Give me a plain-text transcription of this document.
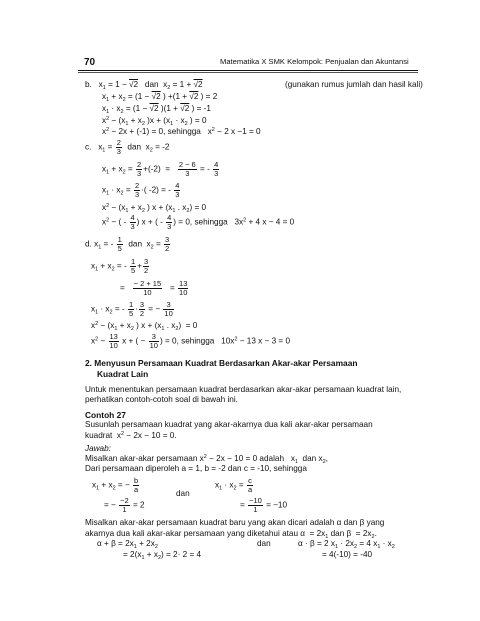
70	Matematika X SMK Kelompok: Penjualan dan Akuntansi
b.   $x_1 = 1 - √2$   dan  $x_2 = 1 + √2$	(gunakan rumus jumlah dan hasil kali)
$x_1 + x_2 = (1 - √2$ ) +(1 + √2 ) = 2
$x_1 \cdot x_2 = (1 - √2$ )(1 + √2 ) = -1
$x^2 - (x_1 + x_2$ )$x + (x_1 \cdot x_2$ ) = 0
$x^2 - 2x + (-1) = 0$, sehingga   $x^2 - 2$ x −1 = 0
c.   $x_1 = \frac{2}{3}$ dan  $x_2 = -2$
$x_1 + x_2 = \frac{2}{3} +(-2) = \frac{2 - 6}{3}$ = - $\frac{4}{3}$
$x_1 \cdot x_2 = \frac{2}{3}$ ·( -2) = - $\frac{4}{3}$
$x^2 - (x_1 + x_2$ ) $x + (x_1$ . $x_2) = 0$
$x^2$ − ( - $\frac{4}{3}$ ) x + ( - $\frac{4}{3}$ ) = 0, sehingga   $3x^2 + 4$ x − 4 = 0
d. $x_1$ = - $\frac{1}{5}$ dan  $x_2 = \frac{3}{2}$
$x_1 + x_2$ = - $\frac{1}{5} + \frac{3}{2}$
= $\frac{- 2 + 15}{10} = \frac{13}{10}$
$x_1 \cdot x_2$ = - $\frac{1}{5} \cdot \frac{3}{2}$ = − $\frac{3}{10}$
$x^2 - (x_1 + x_2$ ) $x + (x_1$ . $x_2) = 0$
$x^2 - \frac{13}{10}$ x + ( − $\frac{3}{10}$ ) = 0, sehingga   $10x^2 - 13$ x − 3 = 0
2. Menyusun Persamaan Kuadrat Berdasarkan Akar-akar Persamaan
Kuadrat Lain
Untuk menentukan persamaan kuadrat berdasarkan akar-akar persamaan kuadrat lain,
perhatikan contoh-cotoh soal di bawah ini.
Contoh 27
Susunlah persamaan kuadrat yang akar-akarnya dua kali akar-akar persamaan
kuadrat  $x^2 - 2x - 10 = 0$.
Jawab:
Misalkan akar-akar persamaan $x^2 - 2x - 10 = 0$ adalah   $x_1$  dan $x_2$,
Dari persamaan diperoleh a = 1, b = -2 dan c = -10, sehingga
$x_1 + x_2$ = − $\frac{b}{a}$
= − $\frac{-2}{1} = 2$
dan
$x_1 \cdot x_2 = \frac{c}{a}$
= $\frac{-10}{1} = -10$
Misalkan akar-akar persamaan kuadrat baru yang akan dicari adalah α dan β yang
akarnya dua kali akar-akar persamaan yang diketahui atau $\alpha = 2x_1$ dan $\beta = 2x_2$.
$\alpha + \beta = 2x_1 + 2x_2$	dan	α · β = 2 $x_1 \cdot 2x_2 = 4$ $x_1 \cdot x_2$
= $2(x_1 + x_2) = 2\cdot 2 = 4$	= 4(-10) = -40
